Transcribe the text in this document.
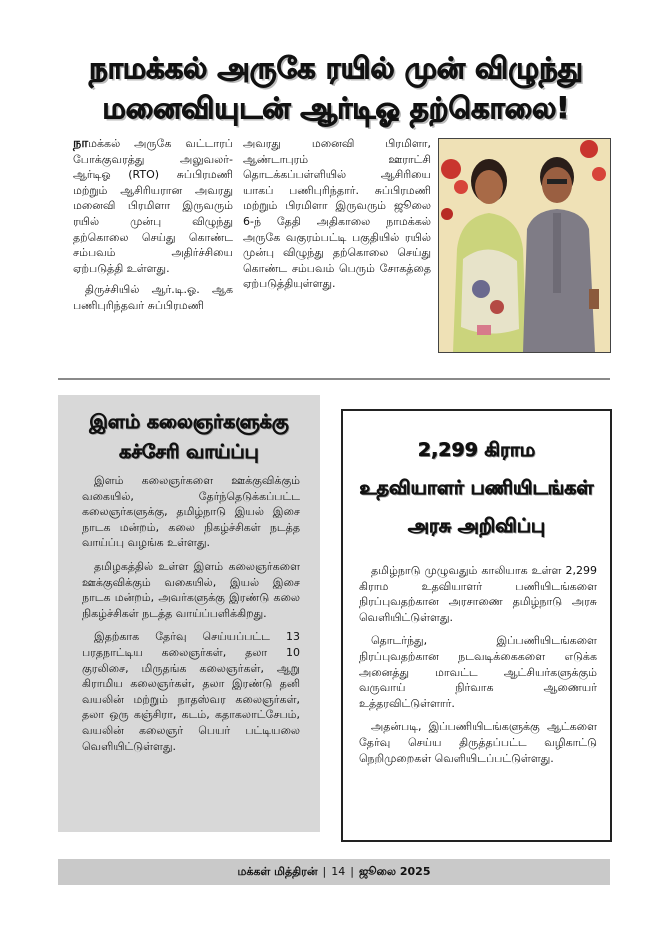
நாமக்கல் அருகே ரயில் முன் விழுந்து
மனைவியுடன் ஆர்டிஓ தற்கொலை!

நாமக்கல் அருகே வட்டாரப் போக்குவரத்து அலுவலர்- ஆர்டிஓ (RTO) சுப்பிரமணி மற்றும் ஆசிரியரான அவரது மனைவி பிரமிளா இருவரும் ரயில் முன்பு விழுந்து தற்கொலை செய்து கொண்ட சம்பவம் அதிர்ச்சியை ஏற்படுத்தி உள்ளது.

திருச்சியில் ஆர்.டி.ஓ. ஆக பணிபுரிந்தவர் சுப்பிரமணி

அவரது மனைவி பிரமிளா, ஆண்டாபுரம் ஊராட்சி தொடக்கப்பள்ளியில் ஆசிரியை யாகப் பணிபுரிந்தார். சுப்பிரமணி மற்றும் பிரமிளா இருவரும் ஜூலை 6-ந் தேதி அதிகாலை நாமக்கல் அருகே வகுரம்பட்டி பகுதியில் ரயில் முன்பு விழுந்து தற்கொலை செய்து கொண்ட சம்பவம் பெரும் சோகத்தை ஏற்படுத்தியுள்ளது.

இளம் கலைஞர்களுக்கு
கச்சேரி வாய்ப்பு

இளம் கலைஞர்களை ஊக்குவிக்கும் வகையில், தேர்ந்தெடுக்கப்பட்ட கலைஞர்களுக்கு, தமிழ்நாடு இயல் இசை நாடக மன்றம், கலை நிகழ்ச்சிகள் நடத்த வாய்ப்பு வழங்க உள்ளது.

தமிழகத்தில் உள்ள இளம் கலைஞர்களை ஊக்குவிக்கும் வகையில், இயல் இசை நாடக மன்றம், அவர்களுக்கு இரண்டு கலை நிகழ்ச்சிகள் நடத்த வாய்ப்பளிக்கிறது.

இதற்காக தேர்வு செய்யப்பட்ட 13 பரதநாட்டிய கலைஞர்கள், தலா 10 குரலிசை, மிருதங்க கலைஞர்கள், ஆறு கிராமிய கலைஞர்கள், தலா இரண்டு தனி வயலின் மற்றும் நாதஸ்வர கலைஞர்கள், தலா ஒரு கஞ்சிரா, கடம், கதாகலாட்சேபம், வயலின் கலைஞர் பெயர் பட்டியலை வெளியிட்டுள்ளது.

2,299 கிராம
உதவியாளர் பணியிடங்கள்
அரசு அறிவிப்பு

தமிழ்நாடு முழுவதும் காலியாக உள்ள 2,299 கிராம உதவியாளர் பணியிடங்களை நிரப்புவதற்கான அரசாணை தமிழ்நாடு அரசு வெளியிட்டுள்ளது.

தொடர்ந்து, இப்பணியிடங்களை நிரப்புவதற்கான நடவடிக்கைகளை எடுக்க அனைத்து மாவட்ட ஆட்சியர்களுக்கும் வருவாய் நிர்வாக ஆணையர் உத்தரவிட்டுள்ளார்.

அதன்படி, இப்பணியிடங்களுக்கு ஆட்களை தேர்வு செய்ய திருத்தப்பட்ட வழிகாட்டு நெறிமுறைகள் வெளியிடப்பட்டுள்ளது.

மக்கள் மித்திரன் | 14 | ஜூலை 2025
